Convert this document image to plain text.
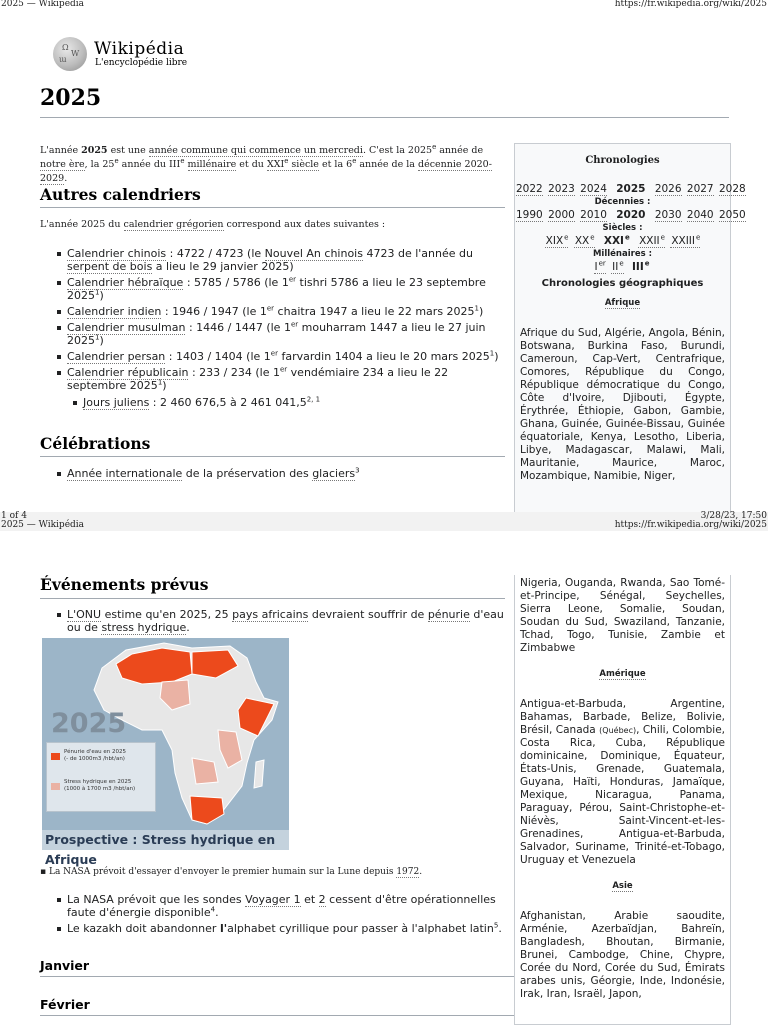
2025 — Wikipédia	https://fr.wikipedia.org/wiki/2025
Ω
W
ա
Wikipédia
L'encyclopédie libre
2025
L'année 2025 est une année commune qui commence un mercredi. C'est la 2025e année de notre ère, la 25e année du IIIe millénaire et du XXIe siècle et la 6e année de la décennie 2020-2029.
Autres calendriers
L'année 2025 du calendrier grégorien correspond aux dates suivantes :
Calendrier chinois : 4722 / 4723 (le Nouvel An chinois 4723 de l'année du serpent de bois a lieu le 29 janvier 2025)
Calendrier hébraïque : 5785 / 5786 (le 1er tishri 5786 a lieu le 23 septembre 2025$^1$)
Calendrier indien : 1946 / 1947 (le 1er chaitra 1947 a lieu le 22 mars 2025$^1$)
Calendrier musulman : 1446 / 1447 (le 1er mouharram 1447 a lieu le 27 juin 2025$^1$)
Calendrier persan : 1403 / 1404 (le 1er farvardin 1404 a lieu le 20 mars 2025$^1$)
Calendrier républicain : 233 / 234 (le 1er vendémiaire 234 a lieu le 22 septembre 2025$^1$)
Jours juliens : 2 460 676,5 à 2 461 041,5$^{2, 1}$
Célébrations
Année internationale de la préservation des glaciers$^3$
Chronologies
2022 2023 2024 2025 2026 2027 2028
Décennies :
1990 2000 2010 2020 2030 2040 2050
Siècles :
XIXe XXe XXIe XXIIe XXIIIe
Millénaires :
Ier IIe IIIe
Chronologies géographiques
Afrique
Afrique du Sud, Algérie, Angola, Bénin, Botswana, Burkina Faso, Burundi, Cameroun, Cap-Vert, Centrafrique, Comores, République du Congo, République démocratique du Congo, Côte d'Ivoire, Djibouti, Égypte, Érythrée, Éthiopie, Gabon, Gambie, Ghana, Guinée, Guinée-Bissau, Guinée équatoriale, Kenya, Lesotho, Liberia, Libye, Madagascar, Malawi, Mali, Mauritanie, Maurice, Maroc, Mozambique, Namibie, Niger,
1 of 4	3/28/23, 17:50
2025 — Wikipédia	https://fr.wikipedia.org/wiki/2025
Événements prévus
L'ONU estime qu'en 2025, 25 pays africains devraient souffrir de pénurie d'eau ou de stress hydrique.
▪ La NASA prévoit d'essayer d'envoyer le premier humain sur la Lune depuis 1972.
La NASA prévoit que les sondes Voyager 1 et 2 cessent d'être opérationnelles faute d'énergie disponible$^4$.
Le kazakh doit abandonner l'alphabet cyrillique pour passer à l'alphabet latin$^5$.
Janvier
Février
Nigeria, Ouganda, Rwanda, Sao Tomé-et-Principe, Sénégal, Seychelles, Sierra Leone, Somalie, Soudan, Soudan du Sud, Swaziland, Tanzanie, Tchad, Togo, Tunisie, Zambie et Zimbabwe
Amérique
Antigua-et-Barbuda, Argentine, Bahamas, Barbade, Belize, Bolivie, Brésil, Canada (Québec), Chili, Colombie, Costa Rica, Cuba, République dominicaine, Dominique, Équateur, États-Unis, Grenade, Guatemala, Guyana, Haïti, Honduras, Jamaïque, Mexique, Nicaragua, Panama, Paraguay, Pérou, Saint-Christophe-et-Niévès, Saint-Vincent-et-les-Grenadines, Antigua-et-Barbuda, Salvador, Suriname, Trinité-et-Tobago, Uruguay et Venezuela
Asie
Afghanistan, Arabie saoudite, Arménie, Azerbaïdjan, Bahreïn, Bangladesh, Bhoutan, Birmanie, Brunei, Cambodge, Chine, Chypre, Corée du Nord, Corée du Sud, Émirats arabes unis, Géorgie, Inde, Indonésie, Irak, Iran, Israël, Japon,
2025
Pénurie d'eau en 2025
(- de 1000m3 /hbt/an)
Stress hydrique en 2025
(1000 à 1700 m3 /hbt/an)
Prospective : Stress hydrique en Afrique
